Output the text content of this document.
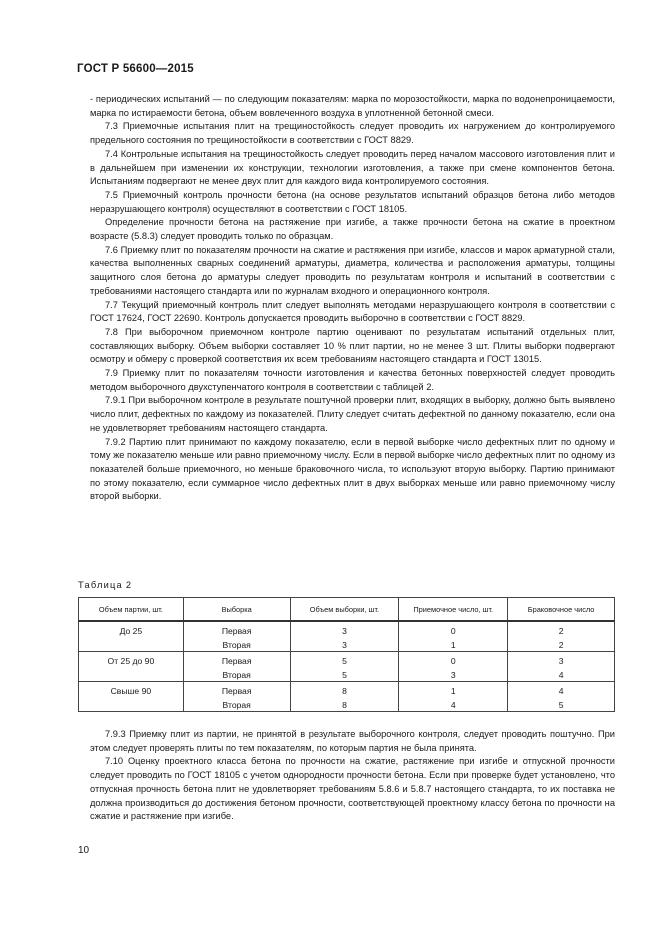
ГОСТ Р 56600—2015

- периодических испытаний — по следующим показателям: марка по морозостойкости, марка по водонепроницаемости, марка по истираемости бетона, объем вовлеченного воздуха в уплотненной бетонной смеси.

7.3 Приемочные испытания плит на трещиностойкость следует проводить их нагружением до контролируемого предельного состояния по трещиностойкости в соответствии с ГОСТ 8829.

7.4 Контрольные испытания на трещиностойкость следует проводить перед началом массового изготовления плит и в дальнейшем при изменении их конструкции, технологии изготовления, а также при смене компонентов бетона. Испытаниям подвергают не менее двух плит для каждого вида контролируемого состояния.

7.5 Приемочный контроль прочности бетона (на основе результатов испытаний образцов бетона либо методов неразрушающего контроля) осуществляют в соответствии с ГОСТ 18105.

Определение прочности бетона на растяжение при изгибе, а также прочности бетона на сжатие в проектном возрасте (5.8.3) следует проводить только по образцам.

7.6 Приемку плит по показателям прочности на сжатие и растяжения при изгибе, классов и марок арматурной стали, качества выполненных сварных соединений арматуры, диаметра, количества и расположения арматуры, толщины защитного слоя бетона до арматуры следует проводить по результатам контроля и испытаний в соответствии с требованиями настоящего стандарта или по журналам входного и операционного контроля.

7.7 Текущий приемочный контроль плит следует выполнять методами неразрушающего контроля в соответствии с ГОСТ 17624, ГОСТ 22690. Контроль допускается проводить выборочно в соответствии с ГОСТ 8829.

7.8 При выборочном приемочном контроле партию оценивают по результатам испытаний отдельных плит, составляющих выборку. Объем выборки составляет 10 % плит партии, но не менее 3 шт. Плиты выборки подвергают осмотру и обмеру с проверкой соответствия их всем требованиям настоящего стандарта и ГОСТ 13015.

7.9 Приемку плит по показателям точности изготовления и качества бетонных поверхностей следует проводить методом выборочного двухступенчатого контроля в соответствии с таблицей 2.

7.9.1 При выборочном контроле в результате поштучной проверки плит, входящих в выборку, должно быть выявлено число плит, дефектных по каждому из показателей. Плиту следует считать дефектной по данному показателю, если она не удовлетворяет требованиям настоящего стандарта.

7.9.2 Партию плит принимают по каждому показателю, если в первой выборке число дефектных плит по одному и тому же показателю меньше или равно приемочному числу. Если в первой выборке число дефектных плит по одному из показателей больше приемочного, но меньше браковочного числа, то используют вторую выборку. Партию принимают по этому показателю, если суммарное число дефектных плит в двух выборках меньше или равно приемочному числу второй выборки.

Таблица 2
Объем партии, шт.	Выборка	Объем выборки, шт.	Приемочное число, шт.	Браковочное число
До 25	Первая	3	0	2
	Вторая	3	1	2
От 25 до 90	Первая	5	0	3
	Вторая	5	3	4
Свыше 90	Первая	8	1	4
	Вторая	8	4	5

7.9.3 Приемку плит из партии, не принятой в результате выборочного контроля, следует проводить поштучно. При этом следует проверять плиты по тем показателям, по которым партия не была принята.

7.10 Оценку проектного класса бетона по прочности на сжатие, растяжение при изгибе и отпускной прочности следует проводить по ГОСТ 18105 с учетом однородности прочности бетона. Если при проверке будет установлено, что отпускная прочность бетона плит не удовлетворяет требованиям 5.8.6 и 5.8.7 настоящего стандарта, то их поставка не должна производиться до достижения бетоном прочности, соответствующей проектному классу бетона по прочности на сжатие и растяжение при изгибе.

10
